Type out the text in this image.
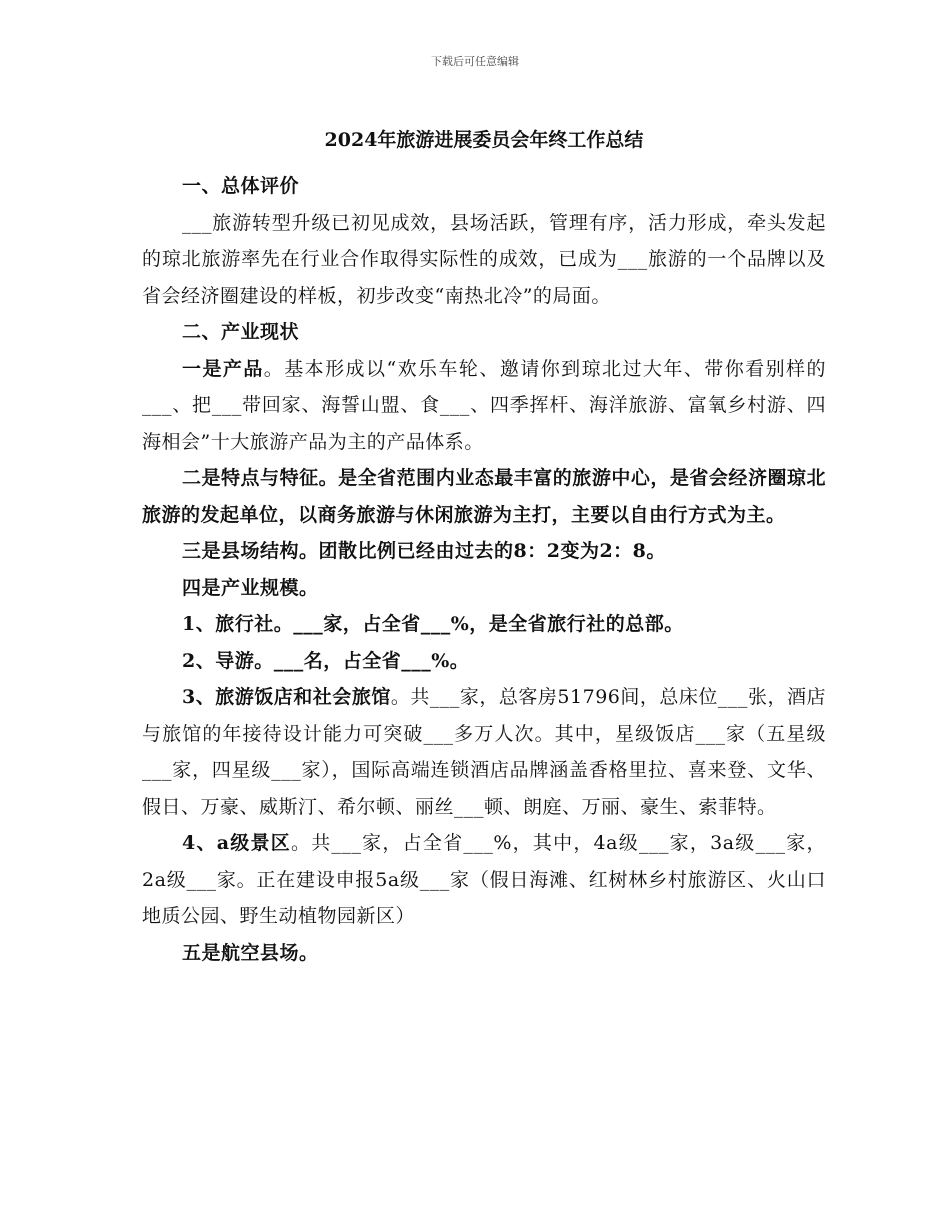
下载后可任意编辑
2024年旅游进展委员会年终工作总结

一、总体评价

___旅游转型升级已初见成效，县场活跃，管理有序，活力形成，牵头发起的琼北旅游率先在行业合作取得实际性的成效，已成为___旅游的一个品牌以及省会经济圈建设的样板，初步改变“南热北冷”的局面。

二、产业现状

一是产品。基本形成以“欢乐车轮、邀请你到琼北过大年、带你看别样的___、把___带回家、海誓山盟、食___、四季挥杆、海洋旅游、富氧乡村游、四海相会”十大旅游产品为主的产品体系。

二是特点与特征。是全省范围内业态最丰富的旅游中心，是省会经济圈琼北旅游的发起单位，以商务旅游与休闲旅游为主打，主要以自由行方式为主。

三是县场结构。团散比例已经由过去的8：2变为2：8。

四是产业规模。

1、旅行社。___家，占全省___%，是全省旅行社的总部。

2、导游。___名，占全省___%。

3、旅游饭店和社会旅馆。共___家，总客房51796间，总床位___张，酒店与旅馆的年接待设计能力可突破___多万人次。其中，星级饭店___家（五星级___家，四星级___家），国际高端连锁酒店品牌涵盖香格里拉、喜来登、文华、假日、万豪、威斯汀、希尔顿、丽丝___顿、朗庭、万丽、豪生、索菲特。

4、a级景区。共___家，占全省___%，其中，4a级___家，3a级___家，2a级___家。正在建设申报5a级___家（假日海滩、红树林乡村旅游区、火山口地质公园、野生动植物园新区）

五是航空县场。
